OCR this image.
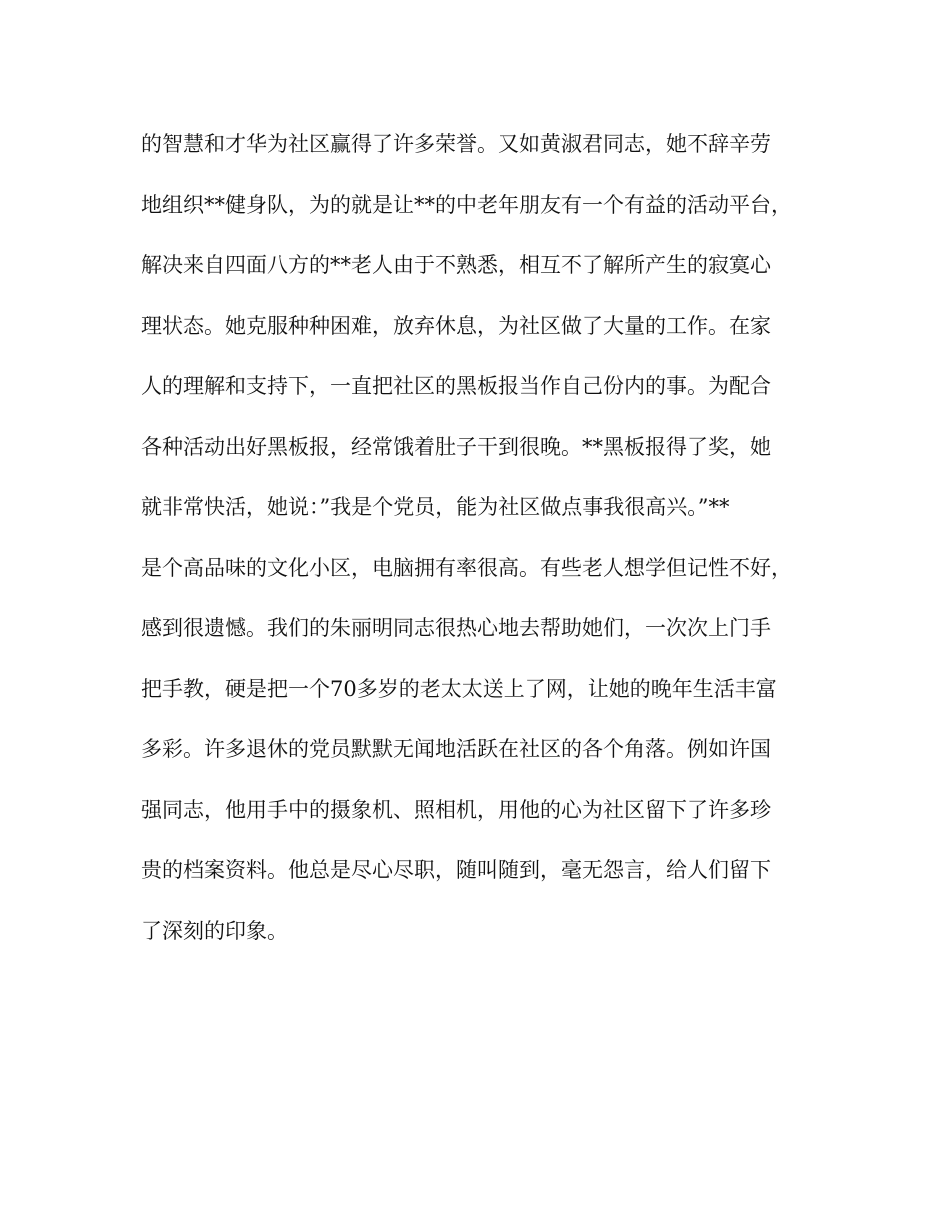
的智慧和才华为社区赢得了许多荣誉。又如黄淑君同志，她不辞辛劳
地组织**健身队，为的就是让**的中老年朋友有一个有益的活动平台，
解决来自四面八方的**老人由于不熟悉，相互不了解所产生的寂寞心
理状态。她克服种种困难，放弃休息，为社区做了大量的工作。在家
人的理解和支持下，一直把社区的黑板报当作自己份内的事。为配合
各种活动出好黑板报，经常饿着肚子干到很晚。**黑板报得了奖，她
就非常快活，她说：”我是个党员，能为社区做点事我很高兴。”**
是个高品味的文化小区，电脑拥有率很高。有些老人想学但记性不好，
感到很遗憾。我们的朱丽明同志很热心地去帮助她们，一次次上门手
把手教，硬是把一个70多岁的老太太送上了网，让她的晚年生活丰富
多彩。许多退休的党员默默无闻地活跃在社区的各个角落。例如许国
强同志，他用手中的摄象机、照相机，用他的心为社区留下了许多珍
贵的档案资料。他总是尽心尽职，随叫随到，毫无怨言，给人们留下
了深刻的印象。
